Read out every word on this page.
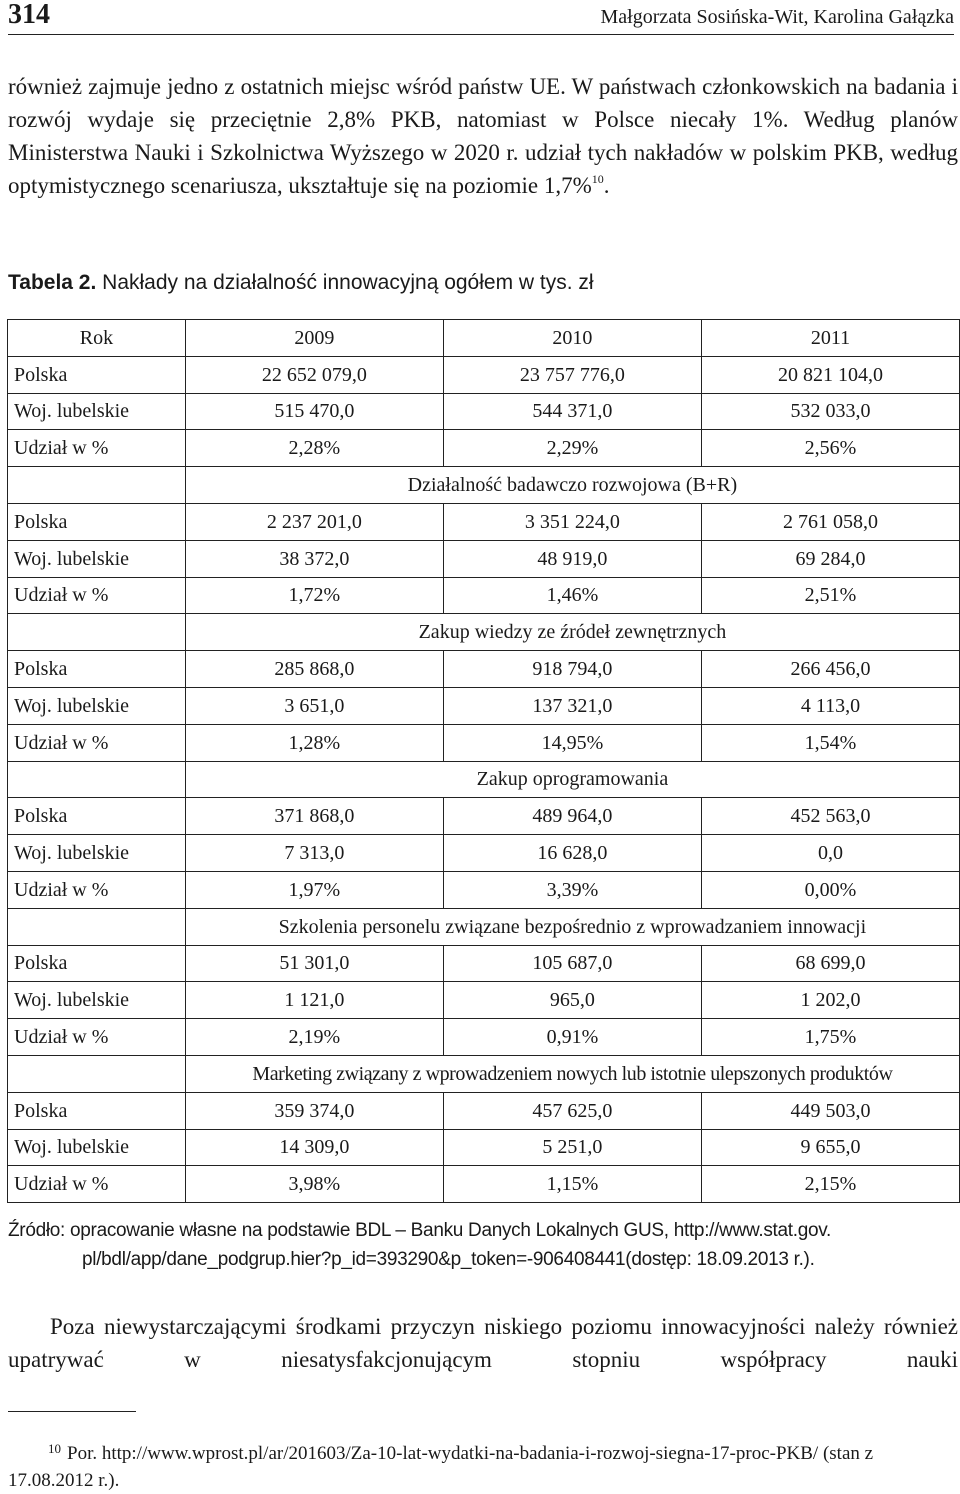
314	Małgorzata Sosińska-Wit, Karolina Gałązka
również zajmuje jedno z ostatnich miejsc wśród państw UE. W państwach członkowskich na badania i rozwój wydaje się przeciętnie 2,8% PKB, natomiast w Polsce niecały 1%. Według planów Ministerstwa Nauki i Szkolnictwa Wyższego w 2020 r. udział tych nakładów w polskim PKB, według optymistycznego scenariusza, ukształtuje się na poziomie 1,7%$^{10}$.
Tabela 2. Nakłady na działalność innowacyjną ogółem w tys. zł
Rok	2009	2010	2011
Polska	22 652 079,0	23 757 776,0	20 821 104,0
Woj. lubelskie	515 470,0	544 371,0	532 033,0
Udział w %	2,28%	2,29%	2,56%
	Działalność badawczo rozwojowa (B+R)		
Polska	2 237 201,0	3 351 224,0	2 761 058,0
Woj. lubelskie	38 372,0	48 919,0	69 284,0
Udział w %	1,72%	1,46%	2,51%
	Zakup wiedzy ze źródeł zewnętrznych		
Polska	285 868,0	918 794,0	266 456,0
Woj. lubelskie	3 651,0	137 321,0	4 113,0
Udział w %	1,28%	14,95%	1,54%
	Zakup oprogramowania		
Polska	371 868,0	489 964,0	452 563,0
Woj. lubelskie	7 313,0	16 628,0	0,0
Udział w %	1,97%	3,39%	0,00%
	Szkolenia personelu związane bezpośrednio z wprowadzaniem innowacji		
Polska	51 301,0	105 687,0	68 699,0
Woj. lubelskie	1 121,0	965,0	1 202,0
Udział w %	2,19%	0,91%	1,75%
	Marketing związany z wprowadzeniem nowych lub istotnie ulepszonych produktów		
Polska	359 374,0	457 625,0	449 503,0
Woj. lubelskie	14 309,0	5 251,0	9 655,0
Udział w %	3,98%	1,15%	2,15%
Źródło: opracowanie własne na podstawie BDL – Banku Danych Lokalnych GUS, http://www.stat.gov.
pl/bdl/app/dane_podgrup.hier?p_id=393290&p_token=-906408441(dostęp: 18.09.2013 r.).

Poza niewystarczającymi środkami przyczyn niskiego poziomu innowacyjności należy również upatrywać w niesatysfakcjonującym stopniu współpracy nauki

$^{10}$ Por. http://www.wprost.pl/ar/201603/Za-10-lat-wydatki-na-badania-i-rozwoj-siegna-17-proc-PKB/ (stan z 17.08.2012 r.).
